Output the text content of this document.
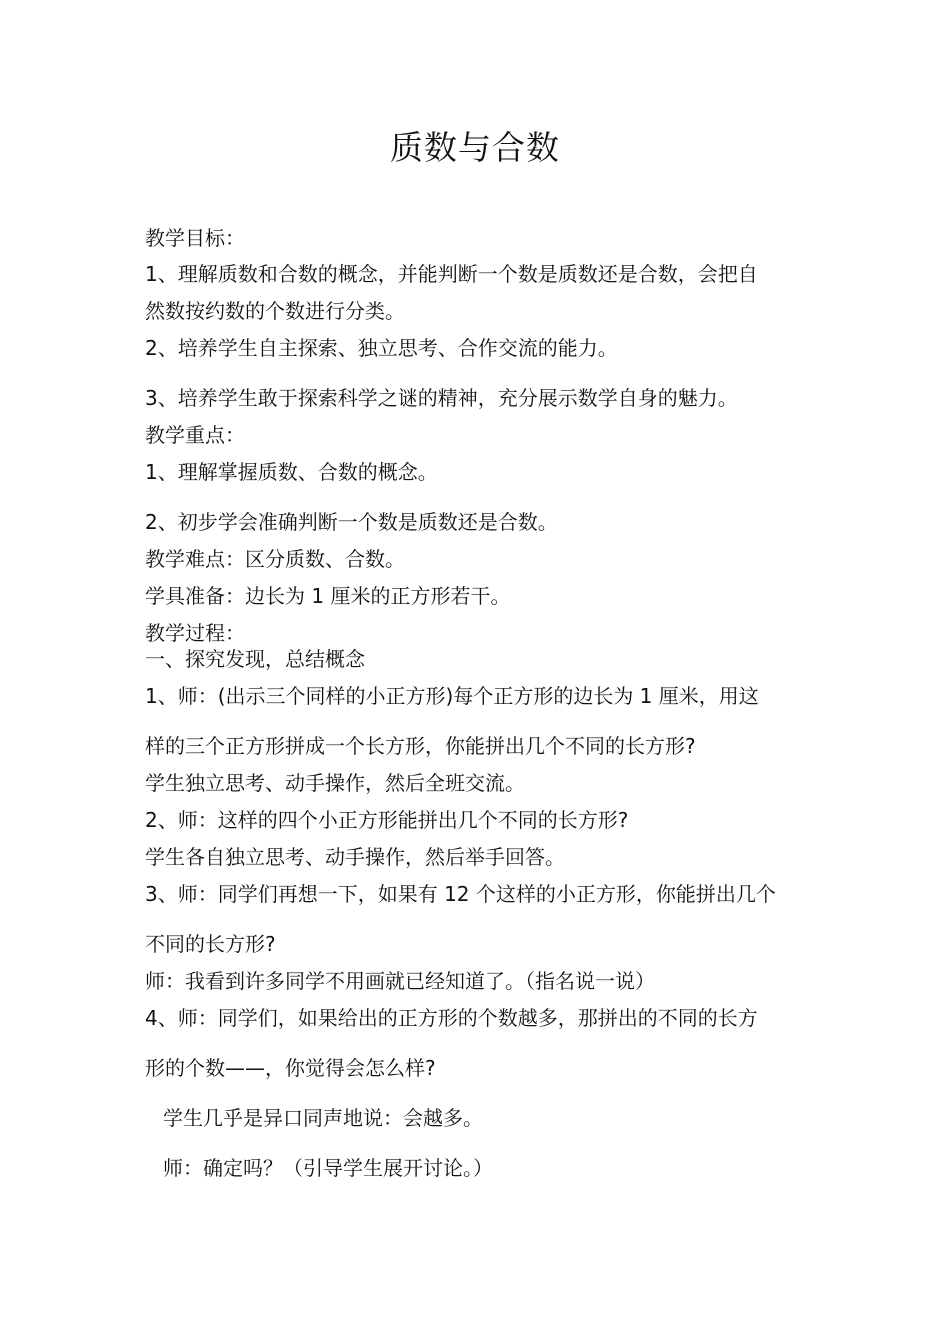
质数与合数
教学目标：
1、理解质数和合数的概念，并能判断一个数是质数还是合数，会把自
然数按约数的个数进行分类。
2、培养学生自主探索、独立思考、合作交流的能力。
3、培养学生敢于探索科学之谜的精神，充分展示数学自身的魅力。
教学重点：
1、理解掌握质数、合数的概念。
2、初步学会准确判断一个数是质数还是合数。
教学难点：区分质数、合数。
学具准备：边长为 1 厘米的正方形若干。
教学过程：
一、探究发现，总结概念
1、师：(出示三个同样的小正方形)每个正方形的边长为 1 厘米，用这
样的三个正方形拼成一个长方形，你能拼出几个不同的长方形?
学生独立思考、动手操作，然后全班交流。
2、师：这样的四个小正方形能拼出几个不同的长方形?
学生各自独立思考、动手操作，然后举手回答。
3、师：同学们再想一下，如果有 12 个这样的小正方形，你能拼出几个
不同的长方形?
师：我看到许多同学不用画就已经知道了。（指名说一说）
4、师：同学们，如果给出的正方形的个数越多，那拼出的不同的长方
形的个数——，你觉得会怎么样?
学生几乎是异口同声地说：会越多。
师：确定吗？（引导学生展开讨论。）
